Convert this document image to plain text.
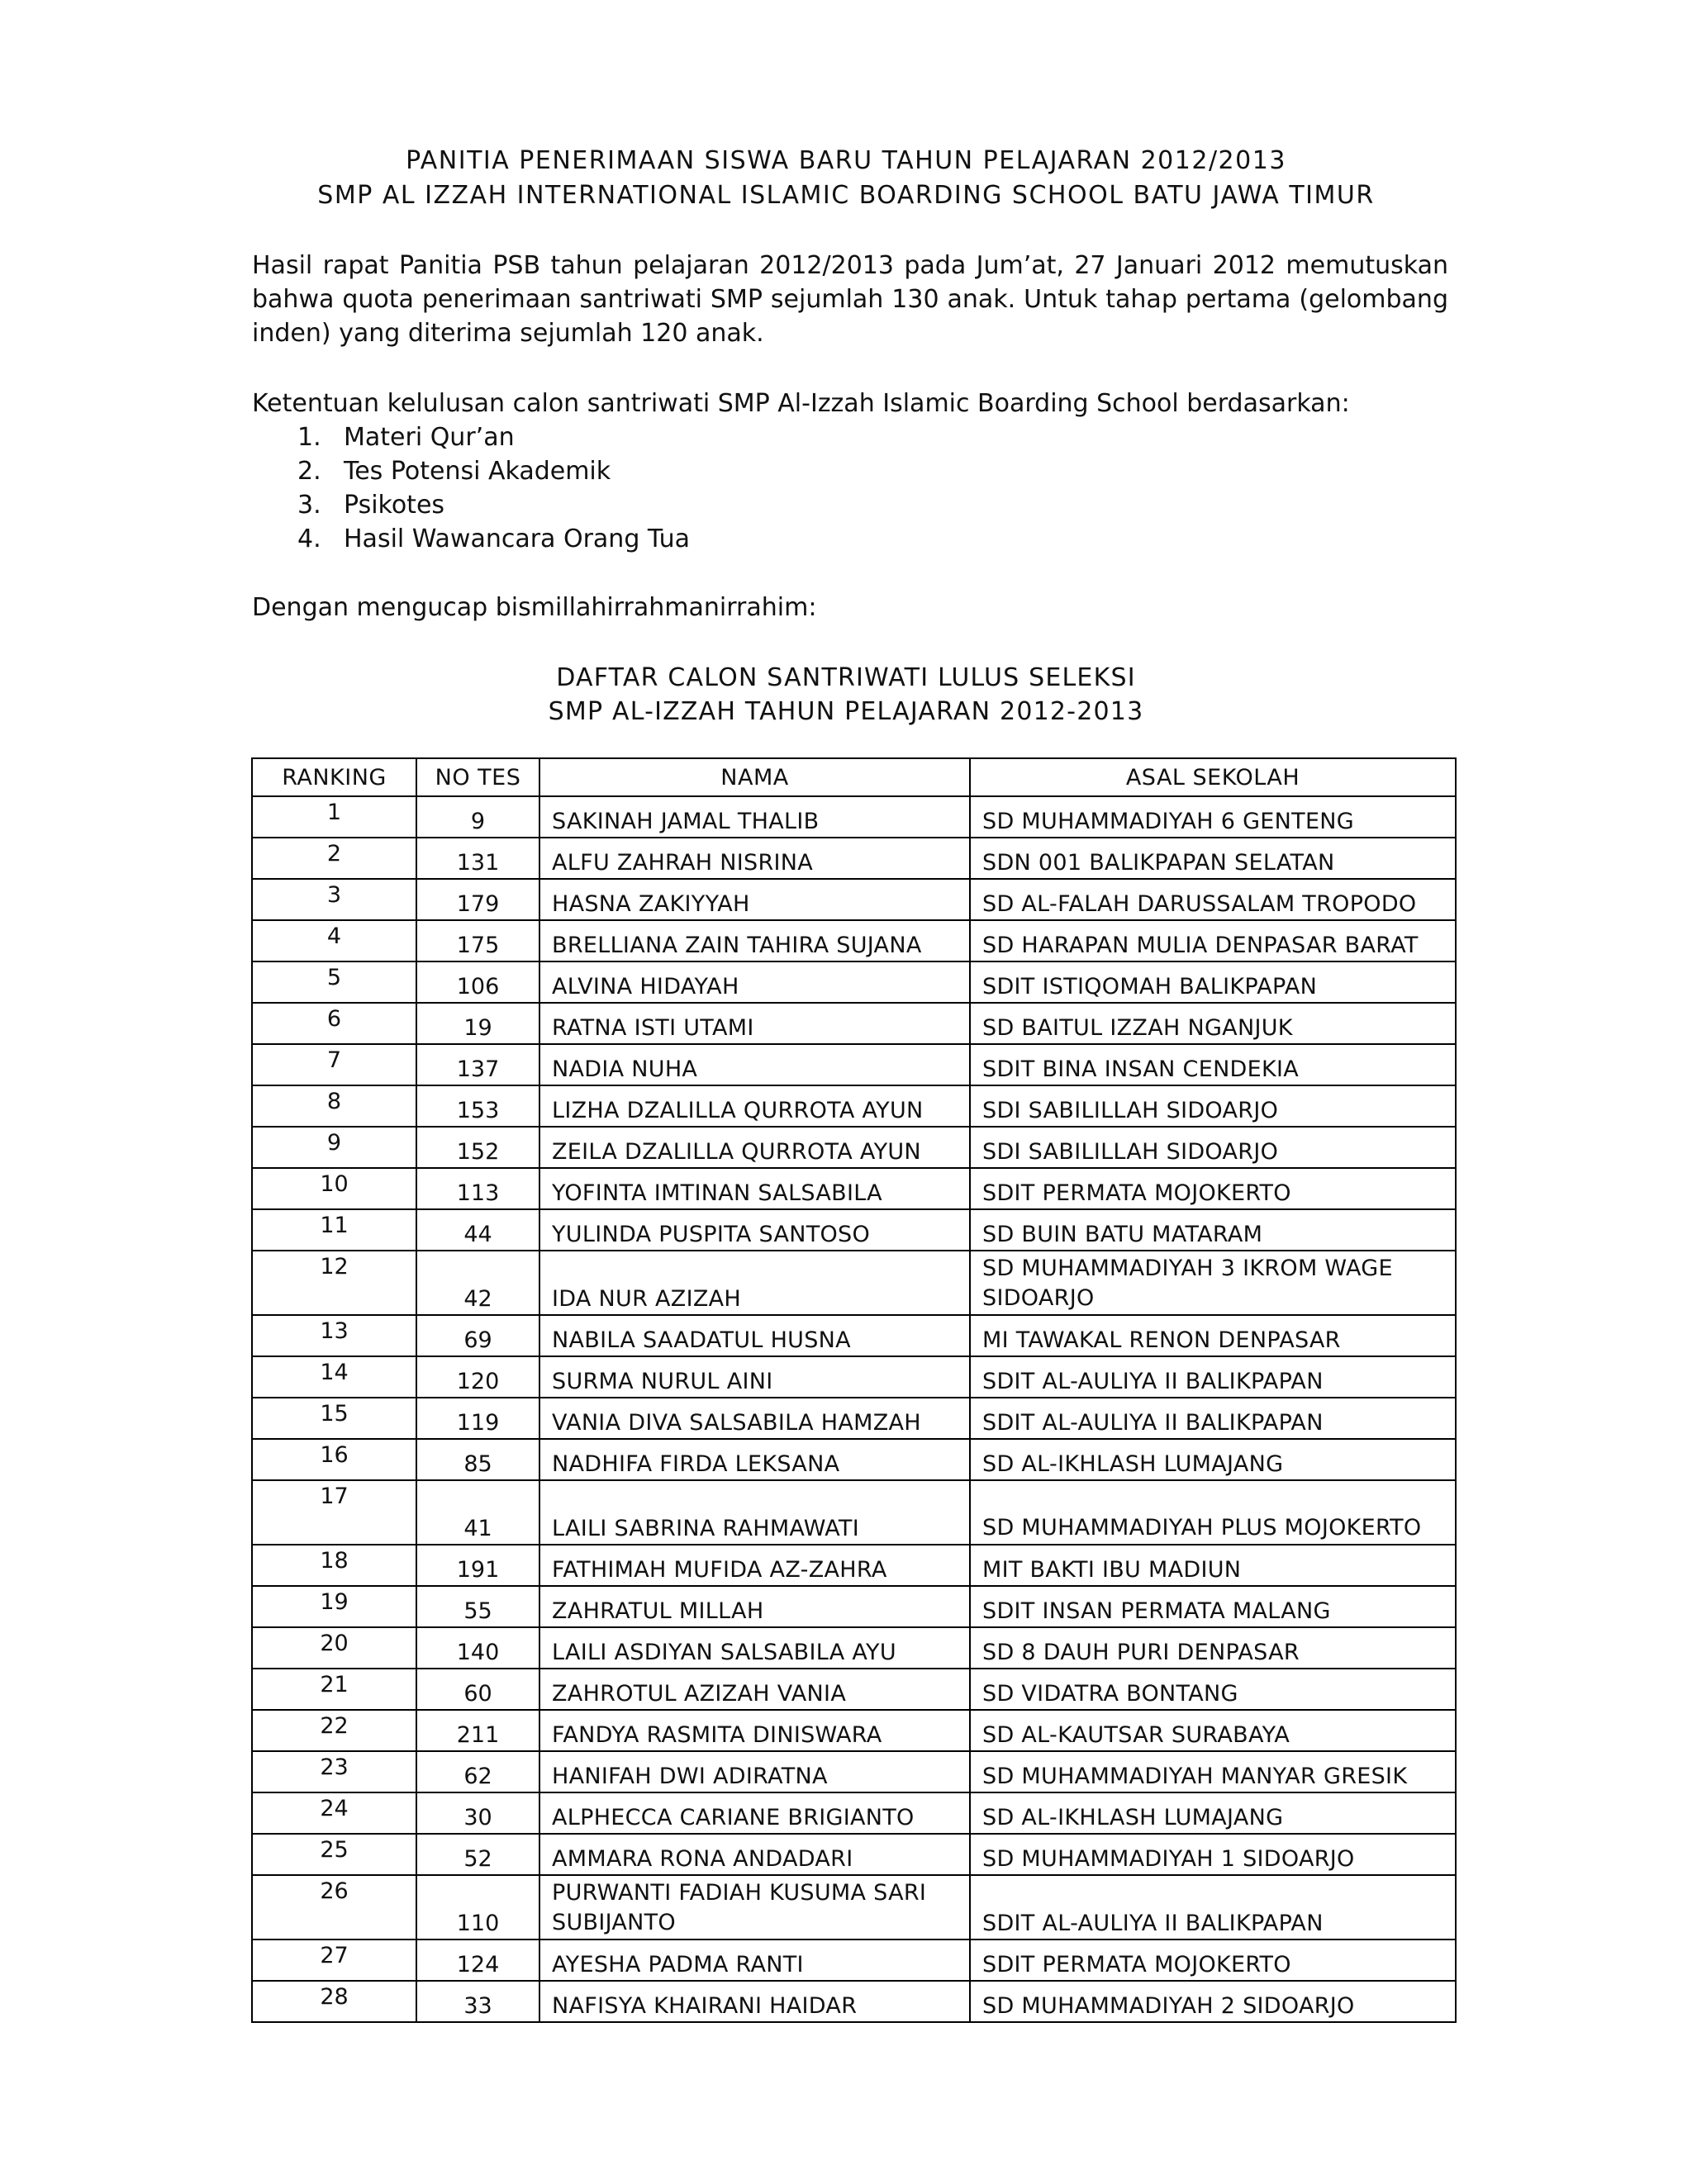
PANITIA PENERIMAAN SISWA BARU TAHUN PELAJARAN 2012/2013
SMP AL IZZAH INTERNATIONAL ISLAMIC BOARDING SCHOOL BATU JAWA TIMUR
Hasil rapat Panitia PSB tahun pelajaran 2012/2013 pada Jum’at, 27 Januari 2012 memutuskan
bahwa quota penerimaan santriwati SMP sejumlah 130 anak. Untuk tahap pertama (gelombang
inden) yang diterima sejumlah 120 anak.
Ketentuan kelulusan calon santriwati SMP Al-Izzah Islamic Boarding School berdasarkan:
1. Materi Qur’an
2. Tes Potensi Akademik
3. Psikotes
4. Hasil Wawancara Orang Tua
Dengan mengucap bismillahirrahmanirrahim:
DAFTAR CALON SANTRIWATI LULUS SELEKSI
SMP AL-IZZAH TAHUN PELAJARAN 2012-2013
RANKING	NO TES	NAMA	ASAL SEKOLAH
1	9	SAKINAH JAMAL THALIB	SD MUHAMMADIYAH 6 GENTENG
2	131	ALFU ZAHRAH NISRINA	SDN 001 BALIKPAPAN SELATAN
3	179	HASNA ZAKIYYAH	SD AL-FALAH DARUSSALAM TROPODO
4	175	BRELLIANA ZAIN TAHIRA SUJANA	SD HARAPAN MULIA DENPASAR BARAT
5	106	ALVINA HIDAYAH	SDIT ISTIQOMAH BALIKPAPAN
6	19	RATNA ISTI UTAMI	SD BAITUL IZZAH NGANJUK
7	137	NADIA NUHA	SDIT BINA INSAN CENDEKIA
8	153	LIZHA DZALILLA QURROTA AYUN	SDI SABILILLAH SIDOARJO
9	152	ZEILA DZALILLA QURROTA AYUN	SDI SABILILLAH SIDOARJO
10	113	YOFINTA IMTINAN SALSABILA	SDIT PERMATA MOJOKERTO
11	44	YULINDA PUSPITA SANTOSO	SD BUIN BATU MATARAM
12	42	IDA NUR AZIZAH	SD MUHAMMADIYAH 3 IKROM WAGE SIDOARJO
13	69	NABILA SAADATUL HUSNA	MI TAWAKAL RENON DENPASAR
14	120	SURMA NURUL AINI	SDIT AL-AULIYA II BALIKPAPAN
15	119	VANIA DIVA SALSABILA HAMZAH	SDIT AL-AULIYA II BALIKPAPAN
16	85	NADHIFA FIRDA LEKSANA	SD AL-IKHLASH LUMAJANG
17	41	LAILI SABRINA RAHMAWATI	SD MUHAMMADIYAH PLUS MOJOKERTO
18	191	FATHIMAH MUFIDA AZ-ZAHRA	MIT BAKTI IBU MADIUN
19	55	ZAHRATUL MILLAH	SDIT INSAN PERMATA MALANG
20	140	LAILI ASDIYAN SALSABILA AYU	SD 8 DAUH PURI DENPASAR
21	60	ZAHROTUL AZIZAH VANIA	SD VIDATRA BONTANG
22	211	FANDYA RASMITA DINISWARA	SD AL-KAUTSAR SURABAYA
23	62	HANIFAH DWI ADIRATNA	SD MUHAMMADIYAH MANYAR GRESIK
24	30	ALPHECCA CARIANE BRIGIANTO	SD AL-IKHLASH LUMAJANG
25	52	AMMARA RONA ANDADARI	SD MUHAMMADIYAH 1 SIDOARJO
26	110	PURWANTI FADIAH KUSUMA SARI SUBIJANTO	SDIT AL-AULIYA II BALIKPAPAN
27	124	AYESHA PADMA RANTI	SDIT PERMATA MOJOKERTO
28	33	NAFISYA KHAIRANI HAIDAR	SD MUHAMMADIYAH 2 SIDOARJO
